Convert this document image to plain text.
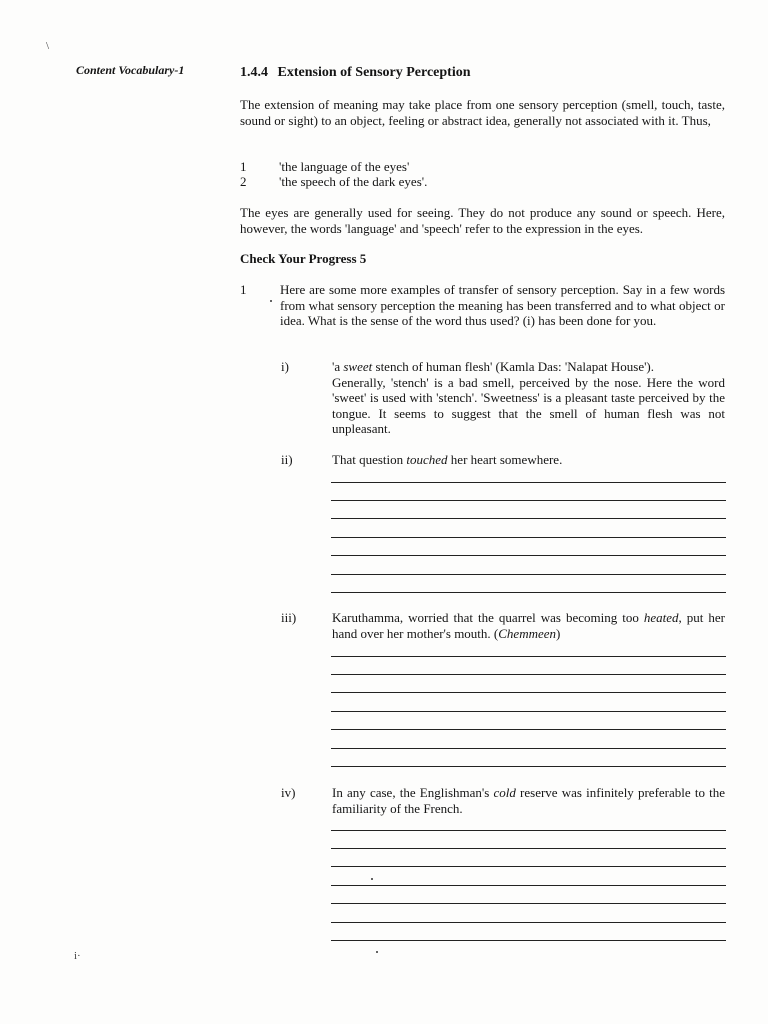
\
i·
Content Vocabulary-1	1.4.4 Extension of Sensory Perception
The extension of meaning may take place from one sensory perception (smell, touch, taste, sound or sight) to an object, feeling or abstract idea, generally not associated with it. Thus,
1	'the language of the eyes'
2	'the speech of the dark eyes'.
The eyes are generally used for seeing. They do not produce any sound or speech. Here, however, the words 'language' and 'speech' refer to the expression in the eyes.
Check Your Progress 5
1	Here are some more examples of transfer of sensory perception. Say in a few words from what sensory perception the meaning has been transferred and to what object or idea. What is the sense of the word thus used? (i) has been done for you.
i)	'a sweet stench of human flesh' (Kamla Das: 'Nalapat House').
Generally, 'stench' is a bad smell, perceived by the nose. Here the word 'sweet' is used with 'stench'. 'Sweetness' is a pleasant taste perceived by the tongue. It seems to suggest that the smell of human flesh was not unpleasant.
ii)	That question touched her heart somewhere.
iii)	Karuthamma, worried that the quarrel was becoming too heated, put her hand over her mother's mouth. (Chemmeen)
iv)	In any case, the Englishman's cold reserve was infinitely preferable to the familiarity of the French.
